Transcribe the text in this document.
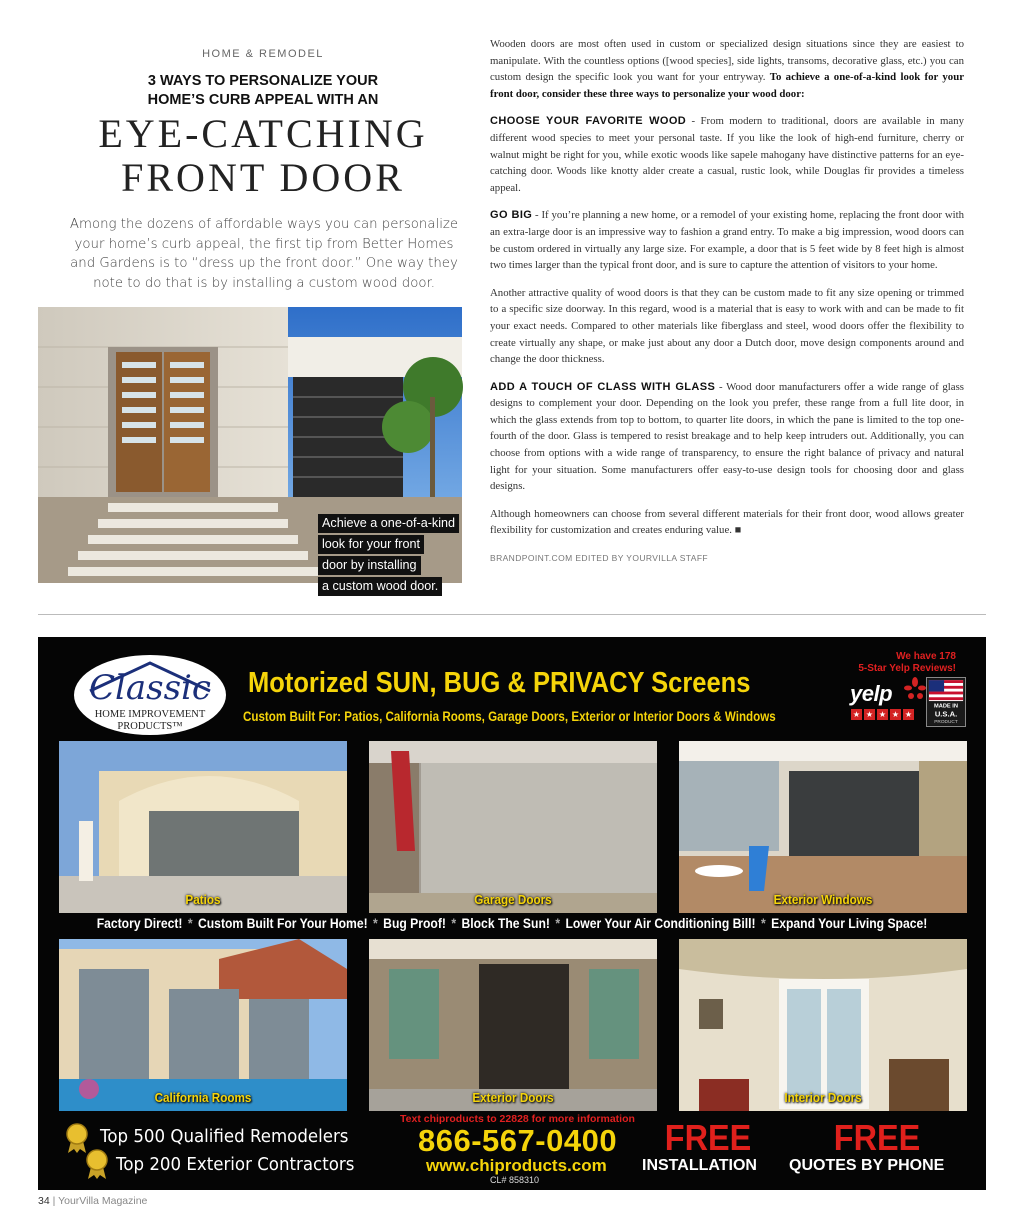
HOME & REMODEL
3 WAYS TO PERSONALIZE YOUR
HOME’S CURB APPEAL WITH AN
EYE-CATCHING
FRONT DOOR

Among the dozens of affordable ways you can personalize your home’s curb appeal, the first tip from Better Homes and Gardens is to “dress up the front door.” One way they note to do that is by installing a custom wood door.

Achieve a one-of-a-kind
look for your front
door by installing
a custom wood door.

Wooden doors are most often used in custom or specialized design situations since they are easiest to manipulate. With the countless options ([wood species], side lights, transoms, decorative glass, etc.) you can custom design the specific look you want for your entryway. To achieve a one-of-a-kind look for your front door, consider these three ways to personalize your wood door:

CHOOSE YOUR FAVORITE WOOD - From modern to traditional, doors are available in many different wood species to meet your personal taste. If you like the look of high-end furniture, cherry or walnut might be right for you, while exotic woods like sapele mahogany have distinctive patterns for an eye-catching door. Woods like knotty alder create a casual, rustic look, while Douglas fir provides a timeless appeal.

GO BIG - If you’re planning a new home, or a remodel of your existing home, replacing the front door with an extra-large door is an impressive way to fashion a grand entry. To make a big impression, wood doors can be custom ordered in virtually any large size. For example, a door that is 5 feet wide by 8 feet high is almost two times larger than the typical front door, and is sure to capture the attention of visitors to your home.

Another attractive quality of wood doors is that they can be custom made to fit any size opening or trimmed to a specific size doorway. In this regard, wood is a material that is easy to work with and can be made to fit your exact needs. Compared to other materials like fiberglass and steel, wood doors offer the flexibility to create virtually any shape, or make just about any door a Dutch door, move design components around and change the door thickness.

ADD A TOUCH OF CLASS WITH GLASS - Wood door manufacturers offer a wide range of glass designs to complement your door. Depending on the look you prefer, these range from a full lite door, in which the glass extends from top to bottom, to quarter lite doors, in which the pane is limited to the top one-fourth of the door. Glass is tempered to resist breakage and to help keep intruders out. Additionally, you can choose from options with a wide range of transparency, to ensure the right balance of privacy and natural light for your situation. Some manufacturers offer easy-to-use design tools for choosing door and glass designs.

Although homeowners can choose from several different materials for their front door, wood allows greater flexibility for customization and creates enduring value. ■

BRANDPOINT.COM EDITED BY YOURVILLA STAFF
Classic
HOME IMPROVEMENT
PRODUCTS™
Motorized SUN, BUG & PRIVACY Screens
Custom Built For: Patios, California Rooms, Garage Doors, Exterior or Interior Doors & Windows
We have 178
5-Star Yelp Reviews!
yelp
★ ★ ★ ★ ★
MADE IN
U.S.A.
PRODUCT
Patios	Garage Doors	Exterior Windows
Factory Direct! * Custom Built For Your Home! * Bug Proof! * Block The Sun! * Lower Your Air Conditioning Bill! * Expand Your Living Space!
California Rooms	Exterior Doors	Interior Doors
Top 500 Qualified Remodelers
Top 200 Exterior Contractors
Text chiproducts to 22828 for more information
866-567-0400
www.chiproducts.com
CL# 858310
FREE
INSTALLATION
FREE
QUOTES BY PHONE
34 | YourVilla Magazine
